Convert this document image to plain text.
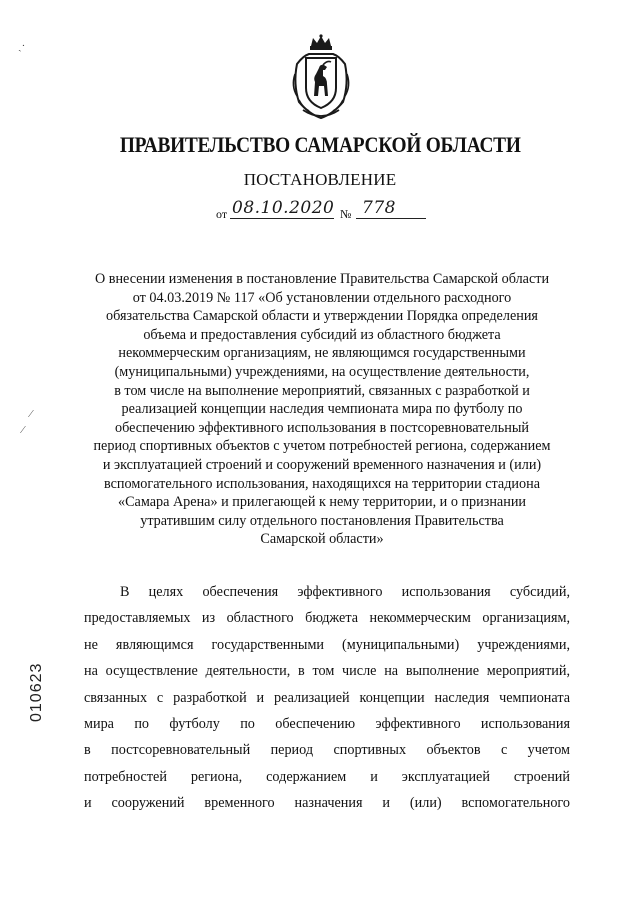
ПРАВИТЕЛЬСТВО САМАРСКОЙ ОБЛАСТИ
ПОСТАНОВЛЕНИЕ
от 08.10.2020 № 778
О внесении изменения в постановление Правительства Самарской области
от 04.03.2019 № 117 «Об установлении отдельного расходного
обязательства Самарской области и утверждении Порядка определения
объема и предоставления субсидий из областного бюджета
некоммерческим организациям, не являющимся государственными
(муниципальными) учреждениями, на осуществление деятельности,
в том числе на выполнение мероприятий, связанных с разработкой и
реализацией концепции наследия чемпионата мира по футболу по
обеспечению эффективного использования в постсоревновательный
период спортивных объектов с учетом потребностей региона, содержанием
и эксплуатацией строений и сооружений временного назначения и (или)
вспомогательного использования, находящихся на территории стадиона
«Самара Арена» и прилегающей к нему территории, и о признании
утратившим силу отдельного постановления Правительства
Самарской области»
В целях обеспечения эффективного использования субсидий,
предоставляемых из областного бюджета некоммерческим организациям,
не являющимся государственными (муниципальными) учреждениями,
на осуществление деятельности, в том числе на выполнение мероприятий,
связанных с разработкой и реализацией концепции наследия чемпионата
мира по футболу по обеспечению эффективного использования
в постсоревновательный период спортивных объектов с учетом
потребностей региона, содержанием и эксплуатацией строений
и сооружений временного назначения и (или) вспомогательного
010623
ˏ·
⁄
⁄
